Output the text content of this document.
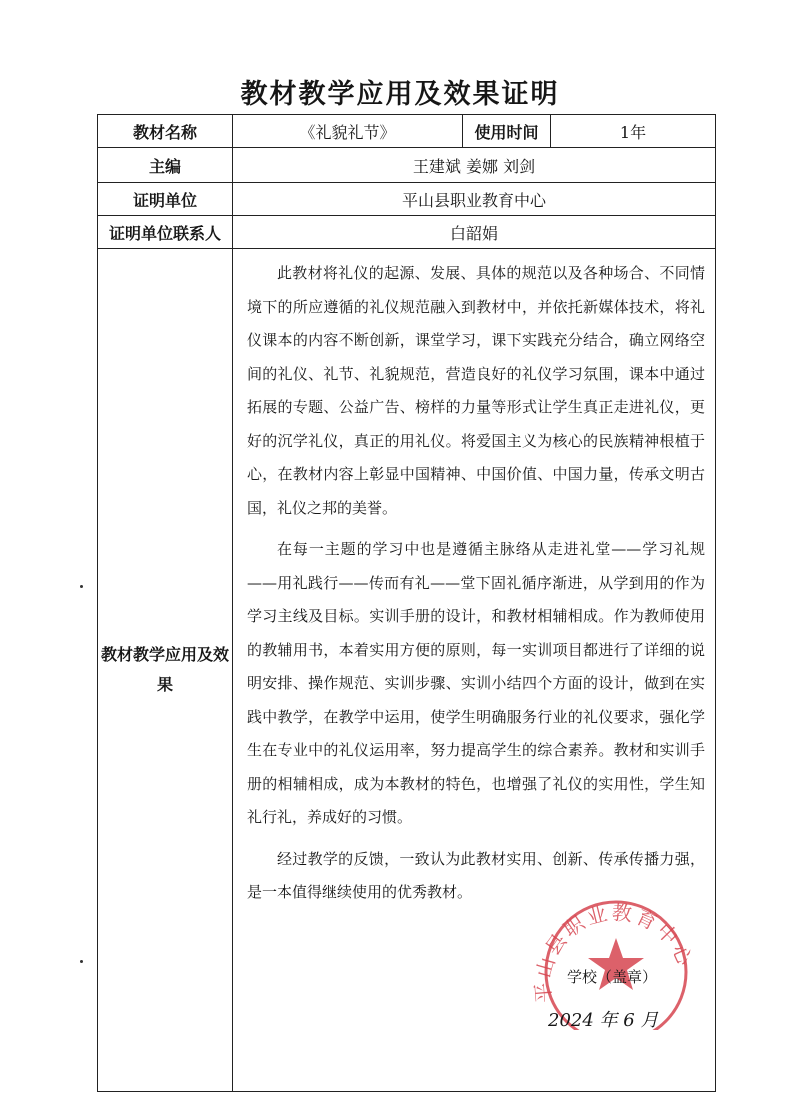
教材教学应用及效果证明
教材名称	《礼貌礼节》	使用时间	1年
主编	王建斌 姜娜 刘剑		
证明单位	平山县职业教育中心		
证明单位联系人	白韶娟		
教材教学应用及效果	此教材将礼仪的起源、发展、具体的规范以及各种场合、不同情境下的所应遵循的礼仪规范融入到教材中，并依托新媒体技术，将礼仪课本的内容不断创新，课堂学习，课下实践充分结合，确立网络空间的礼仪、礼节、礼貌规范，营造良好的礼仪学习氛围，课本中通过拓展的专题、公益广告、榜样的力量等形式让学生真正走进礼仪，更好的沉学礼仪，真正的用礼仪。将爱国主义为核心的民族精神根植于心，在教材内容上彰显中国精神、中国价值、中国力量，传承文明古国，礼仪之邦的美誉。

在每一主题的学习中也是遵循主脉络从走进礼堂——学习礼规——用礼践行——传而有礼——堂下固礼循序渐进，从学到用的作为学习主线及目标。实训手册的设计，和教材相辅相成。作为教师使用的教辅用书，本着实用方便的原则，每一实训项目都进行了详细的说明安排、操作规范、实训步骤、实训小结四个方面的设计，做到在实践中教学，在教学中运用，使学生明确服务行业的礼仪要求，强化学生在专业中的礼仪运用率，努力提高学生的综合素养。教材和实训手册的相辅相成，成为本教材的特色，也增强了礼仪的实用性，学生知礼行礼，养成好的习惯。

经过教学的反馈，一致认为此教材实用、创新、传承传播力强，是一本值得继续使用的优秀教材。		

平山县职业教育中心
学校（盖章）
2024 年 6 月
